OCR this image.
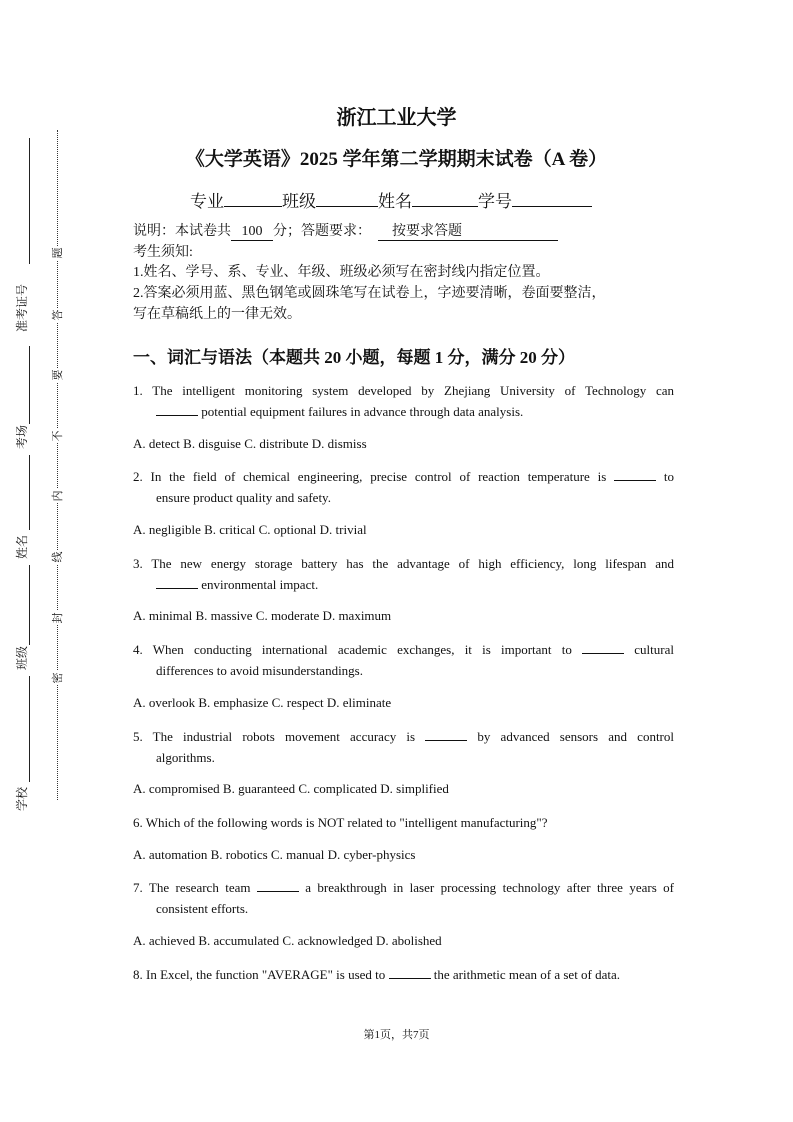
准考证号
考场
姓名
班级
学校
题
答
要
不
内
线
封
密
浙江工业大学
《大学英语》2025 学年第二学期期末试卷（A 卷）
专业	班级	姓名	学号
说明：本试卷共 100 分；答题要求： 按要求答题
考生须知:
1.姓名、学号、系、专业、年级、班级必须写在密封线内指定位置。
2.答案必须用蓝、黑色钢笔或圆珠笔写在试卷上，字迹要清晰，卷面要整洁，
写在草稿纸上的一律无效。
一、词汇与语法（本题共 20 小题，每题 1 分，满分 20 分）
1. The intelligent monitoring system developed by Zhejiang University of Technology can
potential equipment failures in advance through data analysis.
A. detect B. disguise C. distribute D. dismiss
2. In the field of chemical engineering, precise control of reaction temperature is	to
ensure product quality and safety.
A. negligible B. critical C. optional D. trivial
3. The new energy storage battery has the advantage of high efficiency, long lifespan and
environmental impact.
A. minimal B. massive C. moderate D. maximum
4. When conducting international academic exchanges, it is important to	cultural
differences to avoid misunderstandings.
A. overlook B. emphasize C. respect D. eliminate
5. The industrial robots movement accuracy is	by advanced sensors and control
algorithms.
A. compromised B. guaranteed C. complicated D. simplified
6. Which of the following words is NOT related to "intelligent manufacturing"?
A. automation B. robotics C. manual D. cyber-physics
7. The research team	a breakthrough in laser processing technology after three years of
consistent efforts.
A. achieved B. accumulated C. acknowledged D. abolished
8. In Excel, the function "AVERAGE" is used to	the arithmetic mean of a set of data.
第1页，共7页
